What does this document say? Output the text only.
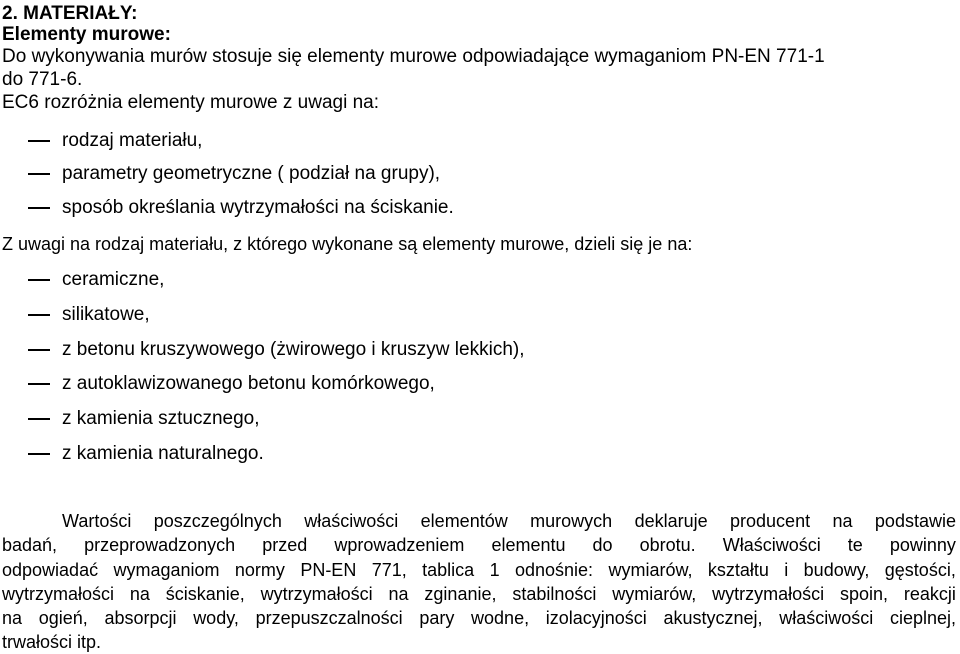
2. MATERIAŁY:
Elementy murowe:
Do wykonywania murów stosuje się elementy murowe odpowiadające wymaganiom PN-EN 771-1
do 771-6.
EC6 rozróżnia elementy murowe z uwagi na:
rodzaj materiału,
parametry geometryczne ( podział na grupy),
sposób określania wytrzymałości na ściskanie.
Z uwagi na rodzaj materiału, z którego wykonane są elementy murowe, dzieli się je na:
ceramiczne,
silikatowe,
z betonu kruszywowego (żwirowego i kruszyw lekkich),
z autoklawizowanego betonu komórkowego,
z kamienia sztucznego,
z kamienia naturalnego.
Wartości poszczególnych właściwości elementów murowych deklaruje producent na podstawie
badań, przeprowadzonych przed wprowadzeniem elementu do obrotu. Właściwości te powinny
odpowiadać wymaganiom normy PN-EN 771, tablica 1 odnośnie: wymiarów, kształtu i budowy, gęstości,
wytrzymałości na ściskanie, wytrzymałości na zginanie, stabilności wymiarów, wytrzymałości spoin, reakcji
na ogień, absorpcji wody, przepuszczalności pary wodne, izolacyjności akustycznej, właściwości cieplnej,
trwałości itp.
